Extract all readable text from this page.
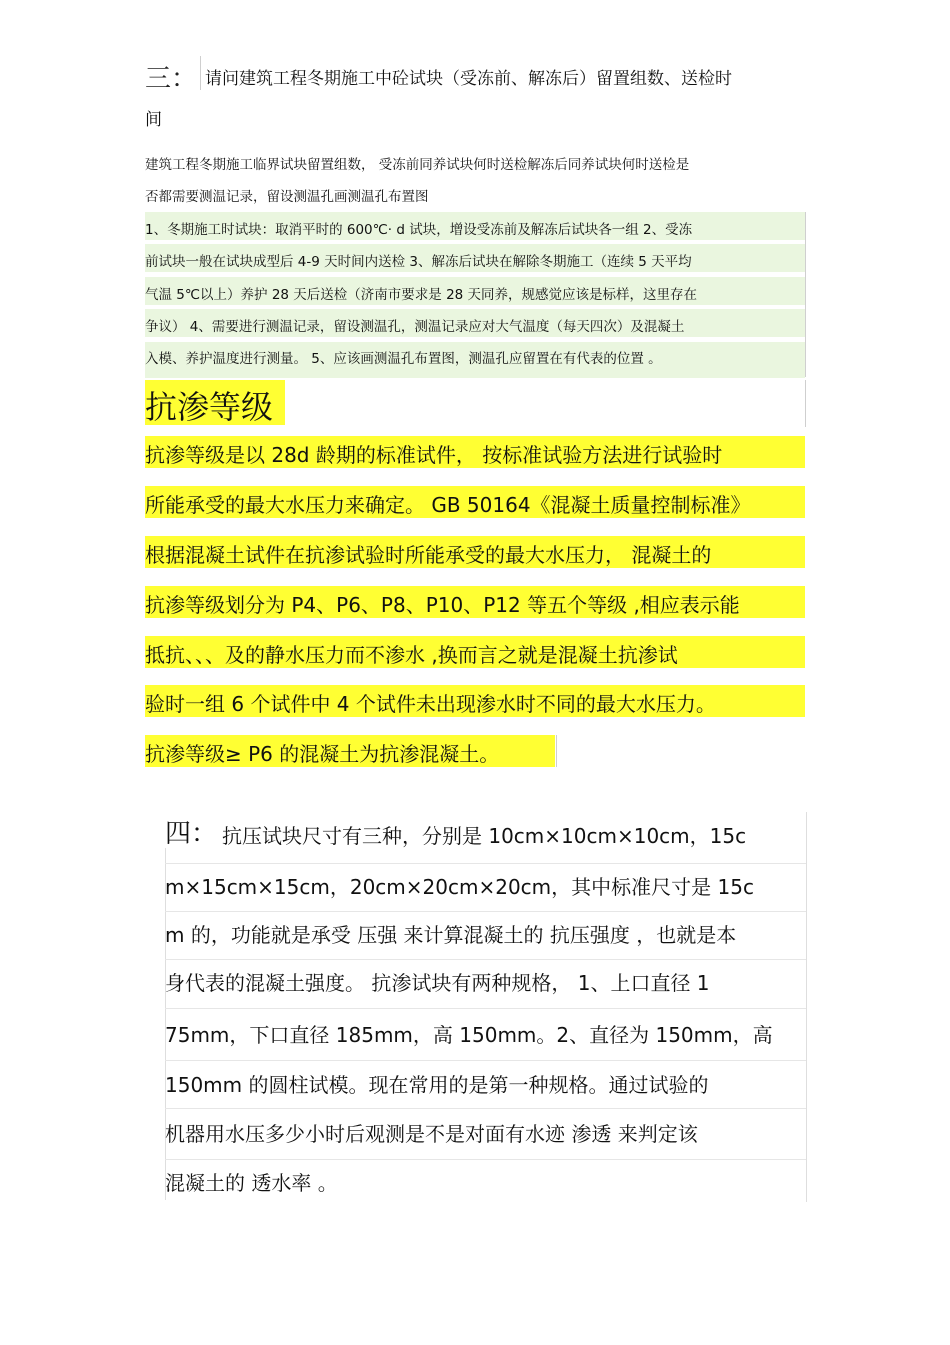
三： 请问建筑工程冬期施工中砼试块（受冻前、解冻后）留置组数、送检时
间
建筑工程冬期施工临界试块留置组数， 受冻前同养试块何时送检解冻后同养试块何时送检是
否都需要测温记录，留设测温孔画测温孔布置图
1、冬期施工时试块：取消平时的 600℃· d 试块，增设受冻前及解冻后试块各一组 2、受冻
前试块一般在试块成型后 4-9 天时间内送检 3、解冻后试块在解除冬期施工（连续 5 天平均
气温 5℃以上）养护 28 天后送检（济南市要求是 28 天同养，规感觉应该是标样，这里存在
争议） 4、需要进行测温记录，留设测温孔，测温记录应对大气温度（每天四次）及混凝土
入模、养护温度进行测量。 5、应该画测温孔布置图，测温孔应留置在有代表的位置 。
抗渗等级
抗渗等级是以 28d 龄期的标准试件， 按标准试验方法进行试验时
所能承受的最大水压力来确定。 GB 50164《混凝土质量控制标准》
根据混凝土试件在抗渗试验时所能承受的最大水压力， 混凝土的
抗渗等级划分为 P4、P6、P8、P10、P12 等五个等级 ,相应表示能
抵抗、、、及的静水压力而不渗水 ,换而言之就是混凝土抗渗试
验时一组 6 个试件中 4 个试件未出现渗水时不同的最大水压力。
抗渗等级≥ P6 的混凝土为抗渗混凝土。
四： 抗压试块尺寸有三种，分别是 10cm×10cm×10cm，15c
m×15cm×15cm，20cm×20cm×20cm，其中标准尺寸是 15c
m 的，功能就是承受 压强 来计算混凝土的 抗压强度 ，也就是本
身代表的混凝土强度。 抗渗试块有两种规格， 1、上口直径 1
75mm，下口直径 185mm，高 150mm。2、直径为 150mm，高
150mm 的圆柱试模。现在常用的是第一种规格。通过试验的
机器用水压多少小时后观测是不是对面有水迹 渗透 来判定该
混凝土的 透水率 。
